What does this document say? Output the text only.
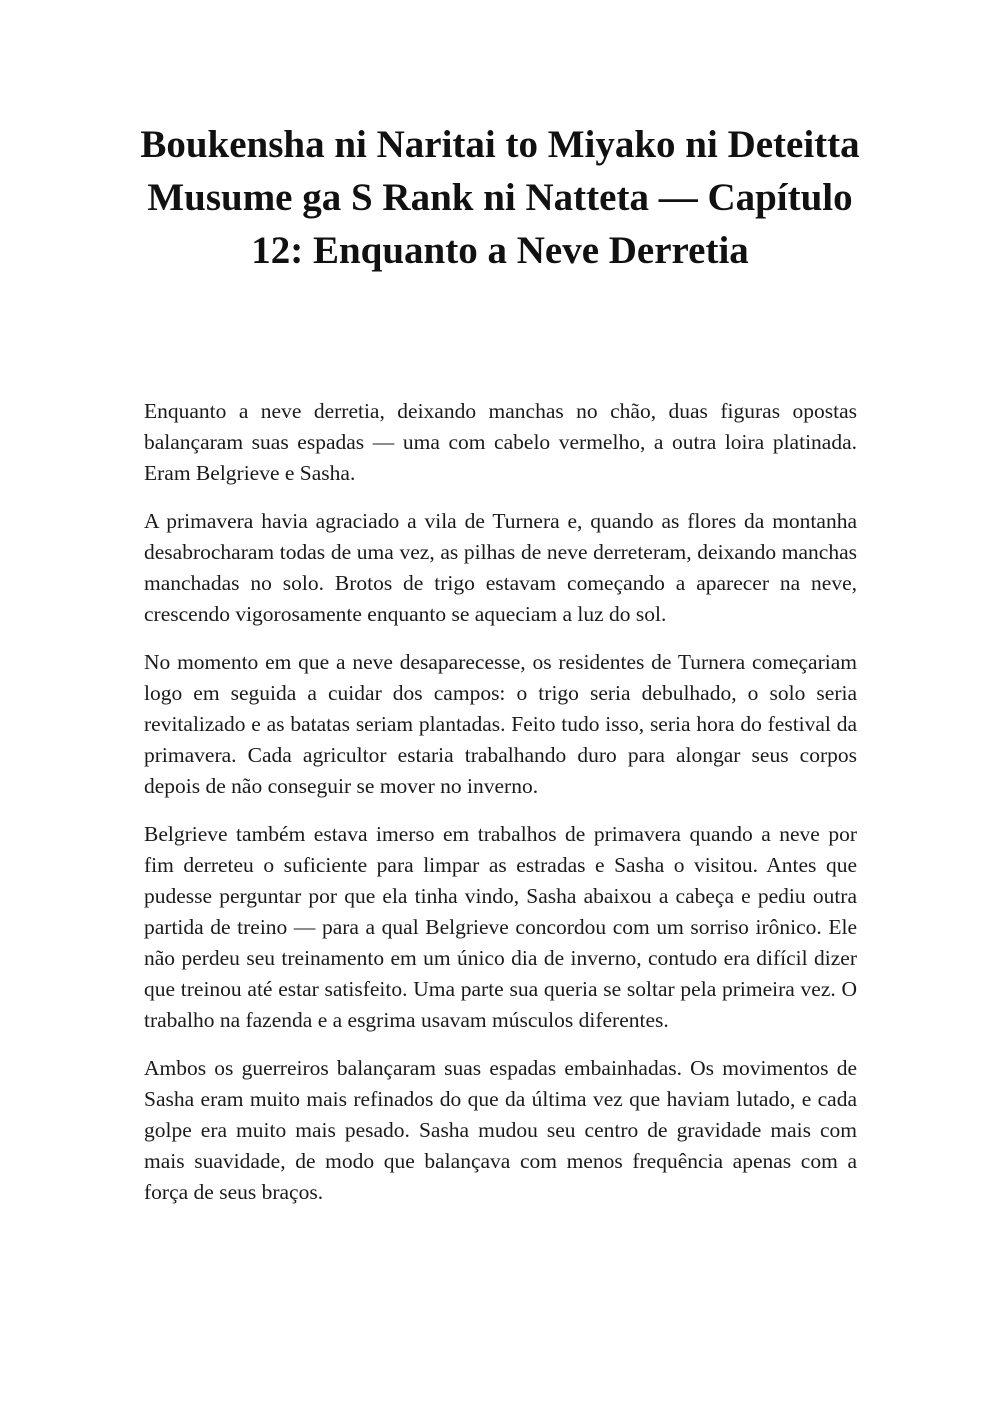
Boukensha ni Naritai to Miyako ni Deteitta Musume ga S Rank ni Natteta — Capítulo 12: Enquanto a Neve Derretia

Enquanto a neve derretia, deixando manchas no chão, duas figuras opostas balançaram suas espadas — uma com cabelo vermelho, a outra loira platinada. Eram Belgrieve e Sasha.

A primavera havia agraciado a vila de Turnera e, quando as flores da montanha desabrocharam todas de uma vez, as pilhas de neve derreteram, deixando manchas manchadas no solo. Brotos de trigo estavam começando a aparecer na neve, crescendo vigorosamente enquanto se aqueciam a luz do sol.

No momento em que a neve desaparecesse, os residentes de Turnera começariam logo em seguida a cuidar dos campos: o trigo seria debulhado, o solo seria revitalizado e as batatas seriam plantadas. Feito tudo isso, seria hora do festival da primavera. Cada agricultor estaria trabalhando duro para alongar seus corpos depois de não conseguir se mover no inverno.

Belgrieve também estava imerso em trabalhos de primavera quando a neve por fim derreteu o suficiente para limpar as estradas e Sasha o visitou. Antes que pudesse perguntar por que ela tinha vindo, Sasha abaixou a cabeça e pediu outra partida de treino — para a qual Belgrieve concordou com um sorriso irônico. Ele não perdeu seu treinamento em um único dia de inverno, contudo era difícil dizer que treinou até estar satisfeito. Uma parte sua queria se soltar pela primeira vez. O trabalho na fazenda e a esgrima usavam músculos diferentes.

Ambos os guerreiros balançaram suas espadas embainhadas. Os movimentos de Sasha eram muito mais refinados do que da última vez que haviam lutado, e cada golpe era muito mais pesado. Sasha mudou seu centro de gravidade mais com mais suavidade, de modo que balançava com menos frequência apenas com a força de seus braços.
